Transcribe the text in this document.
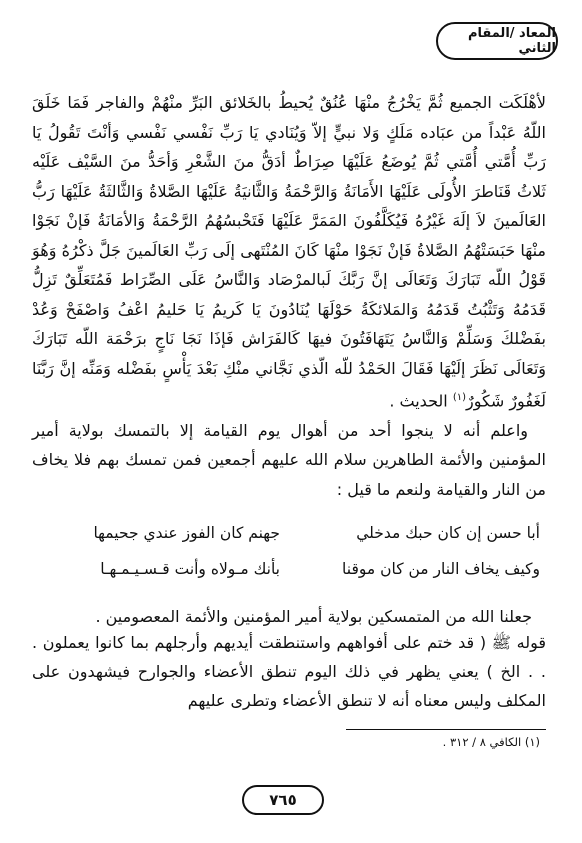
المعاد /المقام الثاني

لأهْلَكَت الجميع ثُمَّ يَخْرُجُ منْهَا عُنُقٌ يُحيطُ بالخَلائق البَرِّ منْهُمْ والفاجر فَمَا خَلَقَ اللّهُ عَبْداً من عبَاده مَلَكٍ وَلا نبيٍّ إلاّ وَيُنَادي يَا رَبِّ نَفْسي نَفْسي وَأنْتَ تَقُولُ يَا رَبِّ أُمَّتي أُمَّتي ثُمَّ يُوضَعُ عَلَيْهَا صِرَاطٌ أدَقُّ منَ الشَّعْرِ وَأحَدُّ منَ السَّيْف عَلَيْه ثَلاثُ قَنَاطرَ الأُولَى عَلَيْهَا الأَمَانَةُ وَالرَّحْمَةُ وَالثَّانيَةُ عَلَيْهَا الصَّلاةُ وَالثَّالثَةُ عَلَيْهَا رَبُّ العَالَمينَ لاَ إلَهَ غَيْرُهُ فَيُكَلَّفُونَ المَمَرَّ عَلَيْهَا فَتَحْبسُهُمُ الرَّحْمَةُ وَالأمَانَةُ فَإنْ نَجَوْا منْهَا حَبَسَتْهُمُ الصَّلاةُ فَإنْ نَجَوْا منْهَا كَانَ المُنْتَهى إلَى رَبِّ العَالَمينَ جَلَّ ذكْرُهُ وَهُوَ قَوْلُ اللّه تَبَارَكَ وَتَعَالَى إنَّ رَبَّكَ لَبالمرْصَاد وَالنَّاسُ عَلَى الصِّرَاط فَمُتَعَلِّقٌ تَزِلُّ قَدَمُهُ وَتَثْبُتُ قَدَمُهُ وَالمَلائكَةُ حَوْلَهَا يُنَادُونَ يَا كَريمُ يَا حَليمُ اعْفُ وَاصْفَحْ وَعُدْ بفَضْلكَ وَسَلِّمْ وَالنَّاسُ يَتَهَافَتُونَ فيهَا كَالفَرَاش فَإذَا نَجَا نَاجٍ برَحْمَة اللّه تَبَارَكَ وَتَعَالَى نَظَرَ إلَيْهَا فَقَالَ الحَمْدُ للّه الّذي نَجَّاني منْكِ بَعْدَ يَأْسٍ بفَضْله وَمَنِّه إنَّ رَبَّنَا لَغَفُورٌ شَكُورٌ$^{(١)}$ الحديث .

واعلم أنه لا ينجوا أحد من أهوال يوم القيامة إلا بالتمسك بولاية أمير المؤمنين والأئمة الطاهرين سلام الله عليهم أجمعين فمن تمسك بهم فلا يخاف من النار والقيامة ولنعم ما قيل :

أبا حسن إن كان حبك مدخلي
جهنم كان الفوز عندي جحيمها
وكيف يخاف النار من كان موقنا
بأنك مـولاه وأنت قـسـيـمـهـا
جعلنا الله من المتمسكين بولاية أمير المؤمنين والأئمة المعصومين .
قوله ﷺ ( قد ختم على أفواههم واستنطقت أيديهم وأرجلهم بما كانوا يعملون . . . الخ ) يعني يظهر في ذلك اليوم تنطق الأعضاء والجوارح فيشهدون على المكلف وليس معناه أنه لا تنطق الأعضاء وتطرى عليهم
(١) الكافي ٨ / ٣١٢ .
٧٦٥
